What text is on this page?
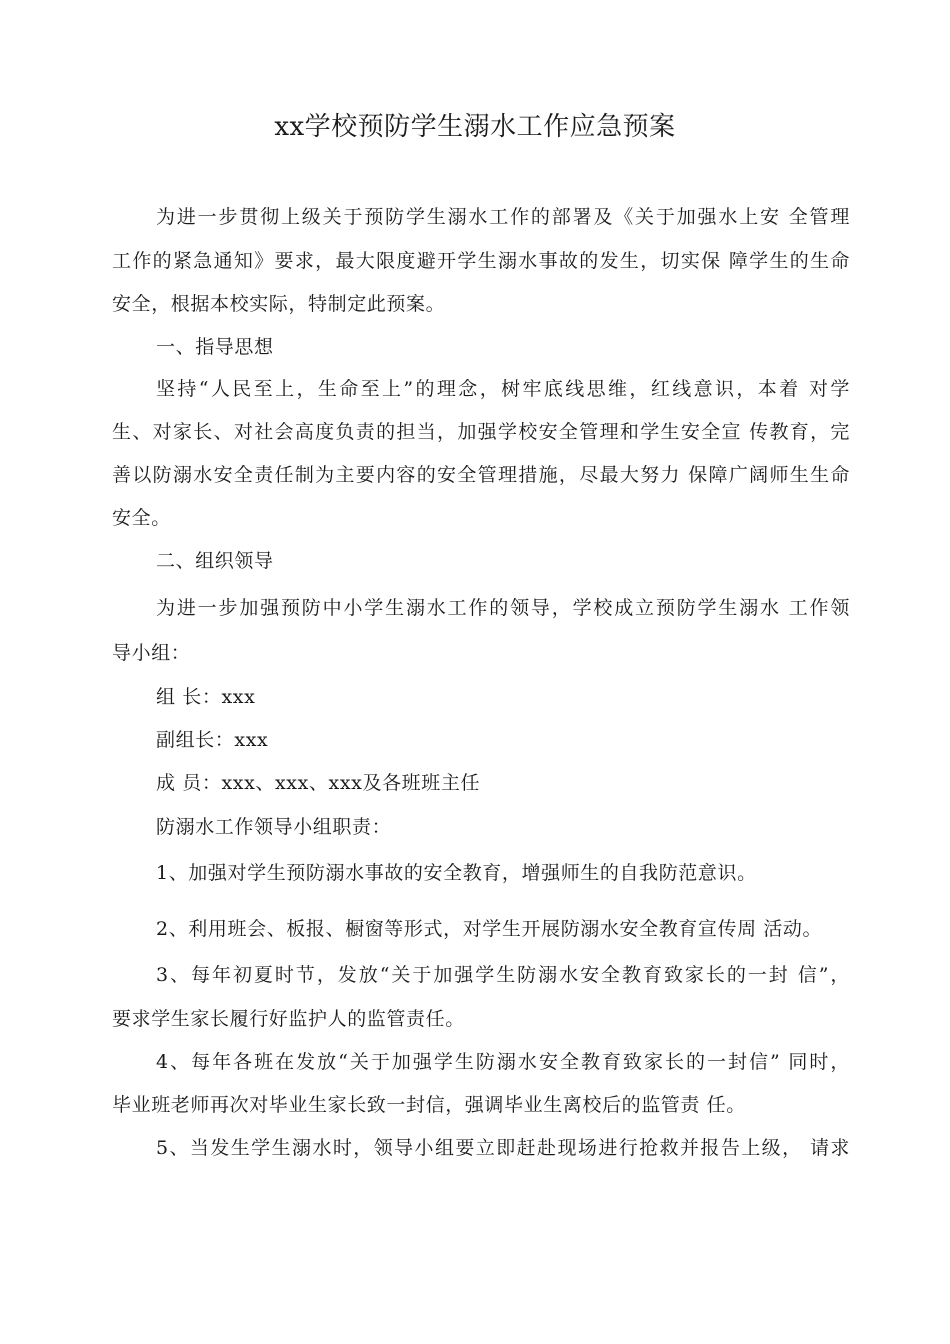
xx学校预防学生溺水工作应急预案
为进一步贯彻上级关于预防学生溺水工作的部署及《关于加强水上安 全管理
工作的紧急通知》要求，最大限度避开学生溺水事故的发生，切实保 障学生的生命
安全，根据本校实际，特制定此预案。
一、指导思想
坚持“人民至上，生命至上”的理念，树牢底线思维，红线意识，本着 对学
生、对家长、对社会高度负责的担当，加强学校安全管理和学生安全宣 传教育，完
善以防溺水安全责任制为主要内容的安全管理措施，尽最大努力 保障广阔师生生命
安全。
二、组织领导
为进一步加强预防中小学生溺水工作的领导，学校成立预防学生溺水 工作领
导小组：
组 长：xxx
副组长：xxx
成 员：xxx、xxx、xxx及各班班主任
防溺水工作领导小组职责：
1、加强对学生预防溺水事故的安全教育，增强师生的自我防范意识。
2、利用班会、板报、橱窗等形式，对学生开展防溺水安全教育宣传周 活动。
3、每年初夏时节，发放“关于加强学生防溺水安全教育致家长的一封 信”，
要求学生家长履行好监护人的监管责任。
4、每年各班在发放“关于加强学生防溺水安全教育致家长的一封信” 同时，
毕业班老师再次对毕业生家长致一封信，强调毕业生离校后的监管责 任。
5、当发生学生溺水时，领导小组要立即赶赴现场进行抢救并报告上级， 请求
